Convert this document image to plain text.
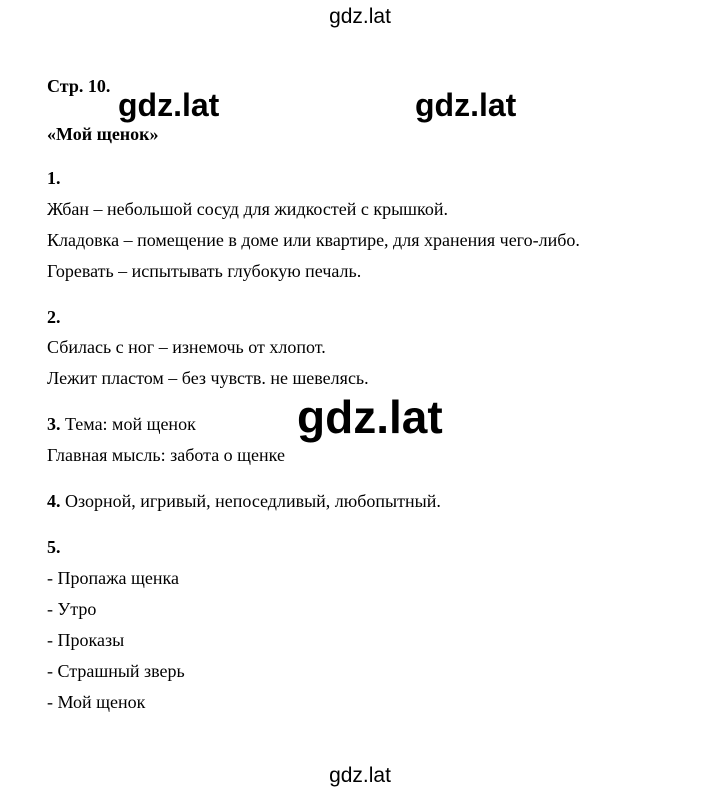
gdz.lat
Стр. 10.
«Мой щенок»
1.
Жбан – небольшой сосуд для жидкостей с крышкой.
Кладовка – помещение в доме или квартире, для хранения чего-либо.
Горевать – испытывать глубокую печаль.
2.
Сбилась с ног – изнемочь от хлопот.
Лежит пластом – без чувств. не шевелясь.
3. Тема: мой щенок
Главная мысль: забота о щенке
4. Озорной, игривый, непоседливый, любопытный.
5.
- Пропажа щенка
- Утро
- Проказы
- Страшный зверь
- Мой щенок
gdz.lat	gdz.lat
gdz.lat
gdz.lat
